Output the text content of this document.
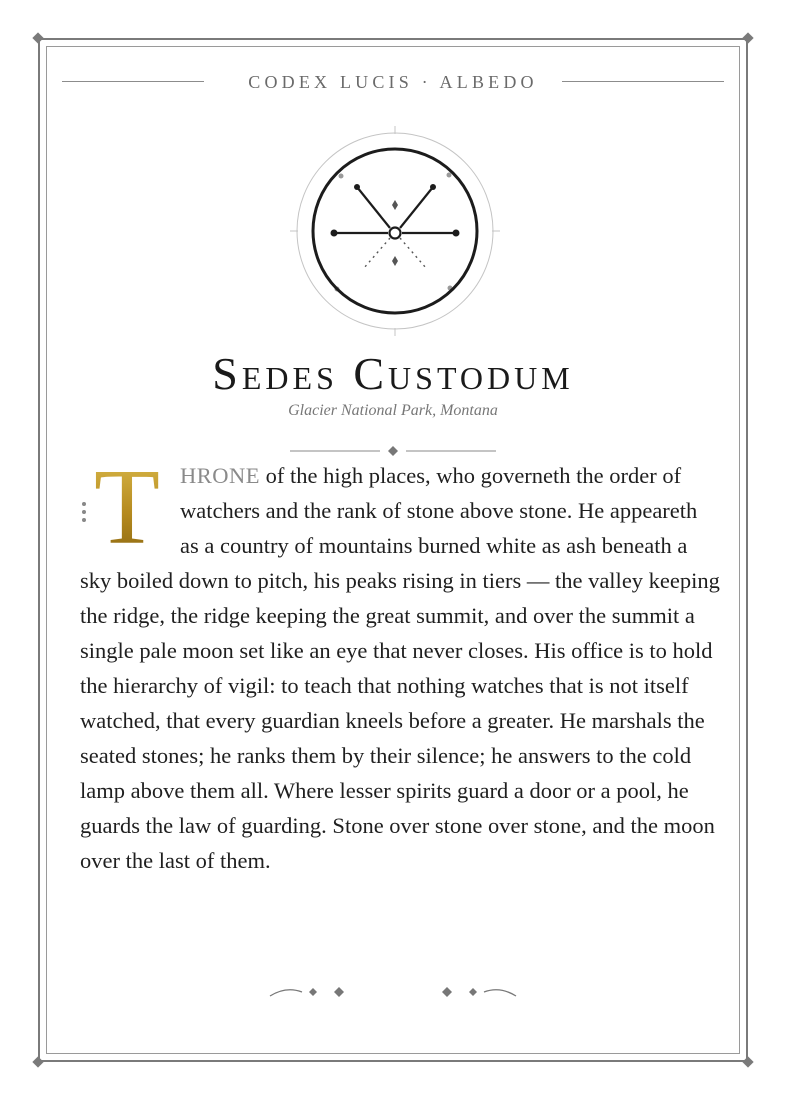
CODEX LUCIS · ALBEDO
Sedes Custodum
Glacier National Park, Montana
T HRONE of the high places, who governeth the order of watchers and the rank of stone above stone. He appeareth as a country of mountains burned white as ash beneath a sky boiled down to pitch, his peaks rising in tiers — the valley keeping the ridge, the ridge keeping the great summit, and over the summit a single pale moon set like an eye that never closes. His office is to hold the hierarchy of vigil: to teach that nothing watches that is not itself watched, that every guardian kneels before a greater. He marshals the seated stones; he ranks them by their silence; he answers to the cold lamp above them all. Where lesser spirits guard a door or a pool, he guards the law of guarding. Stone over stone over stone, and the moon over the last of them.
